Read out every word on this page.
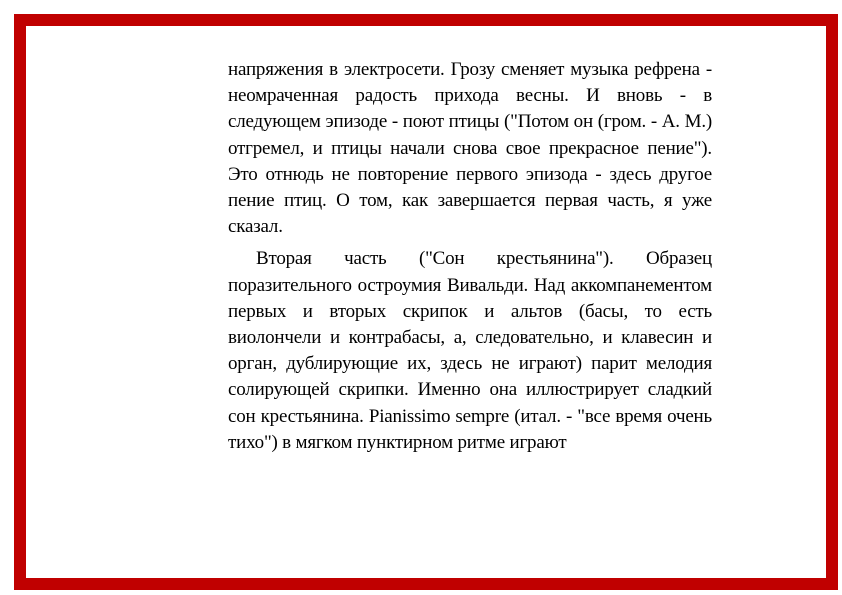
напряжения в электросети. Грозу сменяет музыка рефрена - неомраченная радость прихода весны. И вновь - в следующем эпизоде - поют птицы ("Потом он (гром. - А. М.) отгремел, и птицы начали снова свое прекрасное пение"). Это отнюдь не повторение первого эпизода - здесь другое пение птиц. О том, как завершается первая часть, я уже сказал.

Вторая часть ("Сон крестьянина"). Образец поразительного остроумия Вивальди. Над аккомпанементом первых и вторых скрипок и альтов (басы, то есть виолончели и контрабасы, а, следовательно, и клавесин и орган, дублирующие их, здесь не играют) парит мелодия солирующей скрипки. Именно она иллюстрирует сладкий сон крестьянина. Pianissimo sempre (итал. - "все время очень тихо") в мягком пунктирном ритме играют
